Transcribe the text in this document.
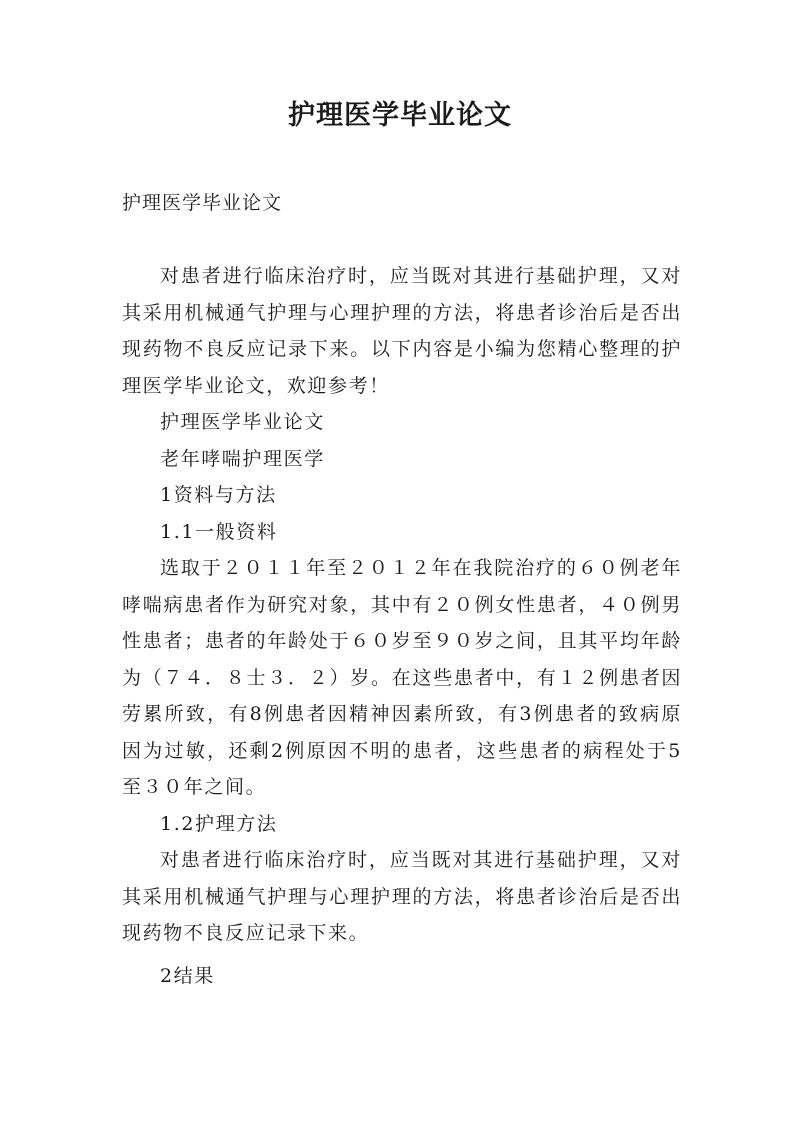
护理医学毕业论文
护理医学毕业论文

对患者进行临床治疗时，应当既对其进行基础护理，又对其采用机械通气护理与心理护理的方法，将患者诊治后是否出现药物不良反应记录下来。以下内容是小编为您精心整理的护理医学毕业论文，欢迎参考！

护理医学毕业论文

老年哮喘护理医学

1资料与方法

1.1一般资料

选取于２０１１年至２０１２年在我院治疗的６０例老年哮喘病患者作为研究对象，其中有２０例女性患者，４０例男性患者；患者的年龄处于６０岁至９０岁之间，且其平均年龄为（７４．８士３．２）岁。在这些患者中，有１２例患者因劳累所致，有8例患者因精神因素所致，有3例患者的致病原因为过敏，还剩2例原因不明的患者，这些患者的病程处于5至３０年之间。

1.2护理方法

对患者进行临床治疗时，应当既对其进行基础护理，又对其采用机械通气护理与心理护理的方法，将患者诊治后是否出现药物不良反应记录下来。

2结果
